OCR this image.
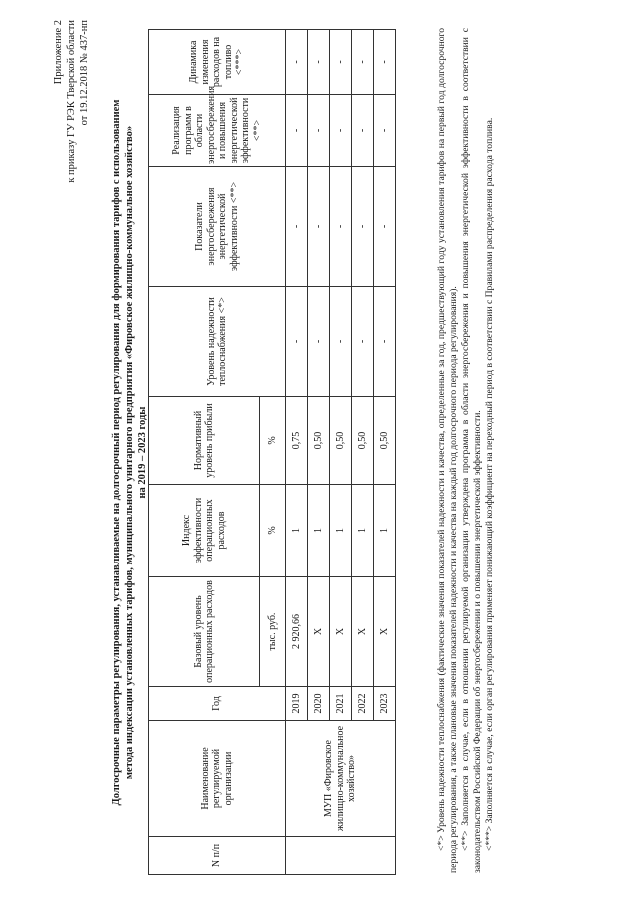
Приложение 2 к приказу ГУ РЭК Тверской области от 19.12.2018 № 437-нп
Долгосрочные параметры регулирования, устанавливаемые на долгосрочный период регулирования для формирования тарифов с использованием метода индексации установленных тарифов, муниципального унитарного предприятия «Фировское жилищно-коммунальное хозяйство» на 2019 – 2023 годы
N п/п	Наименование регулируемой организации	Год	Базовый уровень операционных расходов	Индекс эффективности операционных расходов	Нормативный уровень прибыли	Уровень надежности теплоснабжения <*>	Показатели энергосбережения энергетической эффективности <**>	Реализация программ в области энергосбережения и повышения энергетической эффективности <**>	Динамика изменения расходов на топливо <***>
			тыс. руб.	%	%				
	МУП «Фировское жилищно-коммунальное хозяйство»	2019	2 920,66	1	0,75	-	-	-	-
		2020	Х	1	0,50	-	-	-	-
		2021	Х	1	0,50	-	-	-	-
		2022	Х	1	0,50	-	-	-	-
		2023	Х	1	0,50	-	-	-	-	<*> Уровень надежности теплоснабжения (фактические значения показателей надежности и качества, определенные за год, предшествующий году установления тарифов на первый год долгосрочного периода регулирования, а также плановые значения показателей надежности и качества на каждый год долгосрочного периода регулирования). <**> Заполняется в случае, если в отношении регулируемой организации утверждена программа в области энергосбережения и повышения энергетической эффективности в соответствии с законодательством Российской Федерации об энергосбережении и о повышении энергетической эффективности. <***> Заполняется в случае, если орган регулирования применяет понижающий коэффициент на переходный период в соответствии с Правилами распределения расхода топлива.
